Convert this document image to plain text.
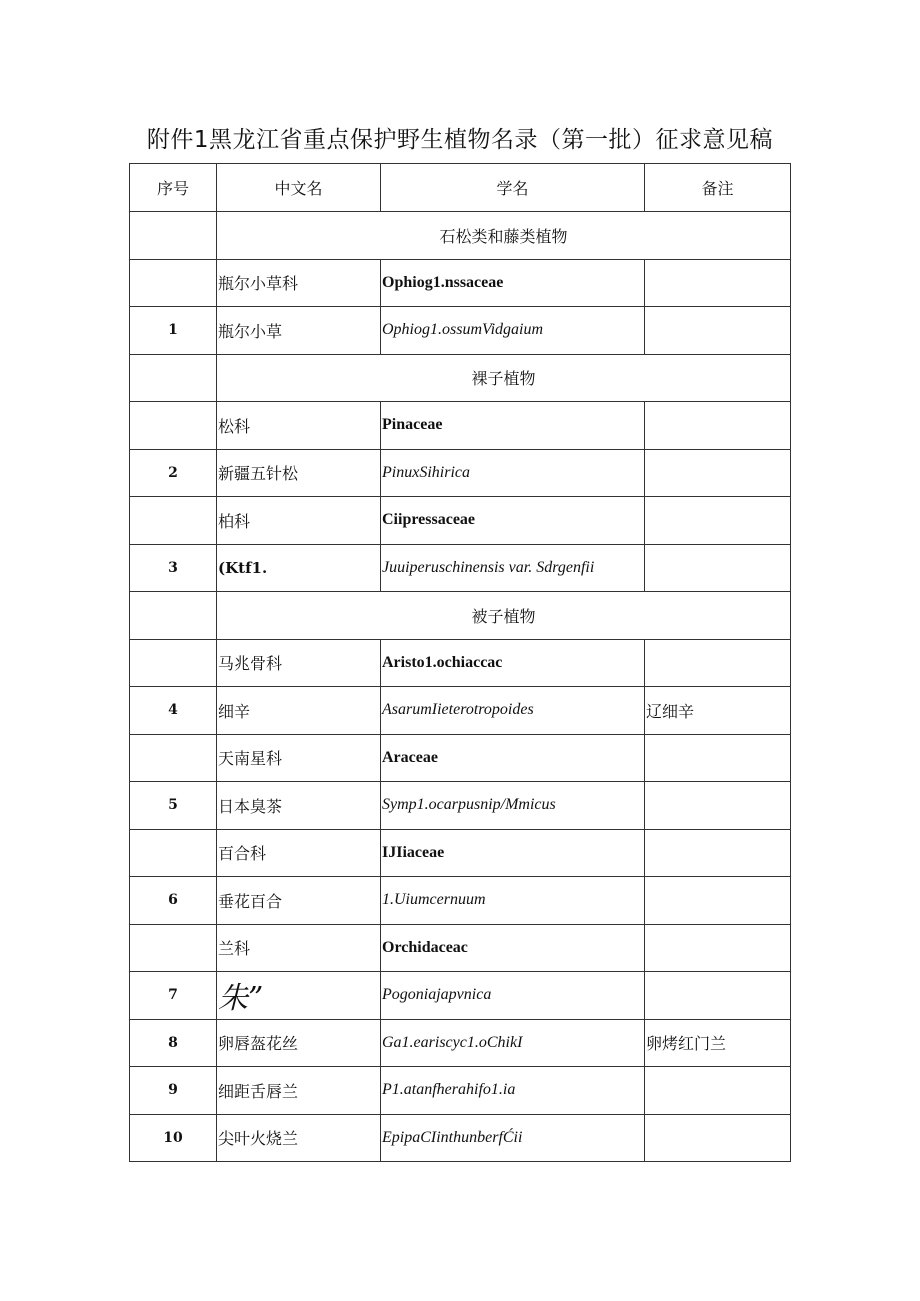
附件1黑龙江省重点保护野生植物名录（第一批）征求意见稿
序号	中文名	学名	备注
	石松类和藤类植物		
	瓶尔小草科	Ophiog1.nssaceae	
1	瓶尔小草	Ophiog1.ossumVidgaium	
	裸子植物		
	松科	Pinaceae	
2	新疆五针松	PinuxSihirica	
	柏科	Ciipressaceae	
3	(Ktf1.	Juuiperuschinensis var. Sdrgenfii	
	被子植物		
	马兆骨科	Aristo1.ochiaccac	
4	细辛	AsarumIieterotropoides	辽细辛
	天南星科	Araceae	
5	日本臭茶	Symp1.ocarpusnip/Mmicus	
	百合科	IJIiaceae	
6	垂花百合	1.Uiumcernuum	
	兰科	Orchidaceac	
7	朱”	Pogoniajapvnica	
8	卵唇盔花丝	Ga1.eariscyc1.oChikI	卵烤红门兰
9	细距舌唇兰	P1.atanfherahifo1.ia	
10	尖叶火烧兰	EpipaCIinthunberfĆii	
